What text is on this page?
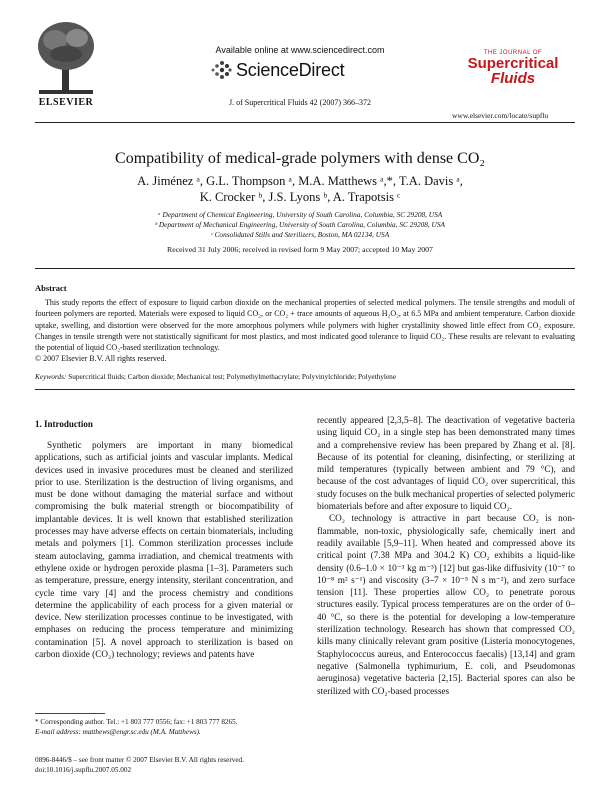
ELSEVIER
Available online at www.sciencedirect.com
ScienceDirect
J. of Supercritical Fluids 42 (2007) 366–372
THE JOURNAL OF
Supercritical
Fluids
www.elsevier.com/locate/supflu
Compatibility of medical-grade polymers with dense CO₂
A. Jiménez ᵃ, G.L. Thompson ᵃ, M.A. Matthews ᵃ,*, T.A. Davis ᵃ,
K. Crocker ᵇ, J.S. Lyons ᵇ, A. Trapotsis ᶜ
ᵃ Department of Chemical Engineering, University of South Carolina, Columbia, SC 29208, USA
ᵇ Department of Mechanical Engineering, University of South Carolina, Columbia, SC 29208, USA
ᶜ Consolidated Stills and Sterilizers, Boston, MA 02134, USA
Received 31 July 2006; received in revised form 9 May 2007; accepted 10 May 2007
Abstract
This study reports the effect of exposure to liquid carbon dioxide on the mechanical properties of selected medical polymers. The tensile strengths and moduli of fourteen polymers are reported. Materials were exposed to liquid CO₂, or CO₂ + trace amounts of aqueous H₂O₂, at 6.5 MPa and ambient temperature. Carbon dioxide uptake, swelling, and distortion were observed for the more amorphous polymers while polymers with higher crystallinity showed little effect from CO₂ exposure. Changes in tensile strength were not statistically significant for most plastics, and most indicated good tolerance to liquid CO₂. These results are relevant to evaluating the potential of liquid CO₂-based sterilization technology.
© 2007 Elsevier B.V. All rights reserved.
Keywords: Supercritical fluids; Carbon dioxide; Mechanical test; Polymethylmethacrylate; Polyvinylchloride; Polyethylene
1. Introduction

Synthetic polymers are important in many biomedical applications, such as artificial joints and vascular implants. Medical devices used in invasive procedures must be cleaned and sterilized prior to use. Sterilization is the destruction of living organisms, and must be done without damaging the material surface and without compromising the bulk material strength or biocompatibility of implantable devices. It is well known that established sterilization processes may have adverse effects on certain biomaterials, including metals and polymers [1]. Common sterilization processes include steam autoclaving, gamma irradiation, and chemical treatments with ethylene oxide or hydrogen peroxide plasma [1–3]. Parameters such as temperature, pressure, energy intensity, sterilant concentration, and cycle time vary [4] and the process chemistry and conditions determine the applicability of each process for a given material or device. New sterilization processes continue to be investigated, with emphases on reducing the process temperature and minimizing contamination [5]. A novel approach to sterilization is based on carbon dioxide (CO₂) technology; reviews and patents have

recently appeared [2,3,5–8]. The deactivation of vegetative bacteria using liquid CO₂ in a single step has been demonstrated many times and a comprehensive review has been prepared by Zhang et al. [8]. Because of its potential for cleaning, disinfecting, or sterilizing at mild temperatures (typically between ambient and 79 °C), and because of the cost advantages of liquid CO₂ over supercritical, this study focuses on the bulk mechanical properties of selected polymeric biomaterials before and after exposure to liquid CO₂.

CO₂ technology is attractive in part because CO₂ is non-flammable, non-toxic, physiologically safe, chemically inert and readily available [5,9–11]. When heated and compressed above its critical point (7.38 MPa and 304.2 K) CO₂ exhibits a liquid-like density (0.6–1.0 × 10⁻³ kg m⁻³) [12] but gas-like diffusivity (10⁻⁷ to 10⁻⁸ m² s⁻¹) and viscosity (3–7 × 10⁻⁵ N s m⁻²), and zero surface tension [11]. These properties allow CO₂ to penetrate porous structures easily. Typical process temperatures are on the order of 0–40 °C, so there is the potential for developing a low-temperature sterilization technology. Research has shown that compressed CO₂ kills many clinically relevant gram positive (Listeria monocytogenes, Staphylococcus aureus, and Enterococcus faecalis) [13,14] and gram negative (Salmonella typhimurium, E. coli, and Pseudomonas aeruginosa) vegetative bacteria [2,15]. Bacterial spores can also be sterilized with CO₂-based processes

* Corresponding author. Tel.: +1 803 777 0556; fax: +1 803 777 8265.
E-mail address: matthews@engr.sc.edu (M.A. Matthews).
0896-8446/$ – see front matter © 2007 Elsevier B.V. All rights reserved.
doi:10.1016/j.supflu.2007.05.002
